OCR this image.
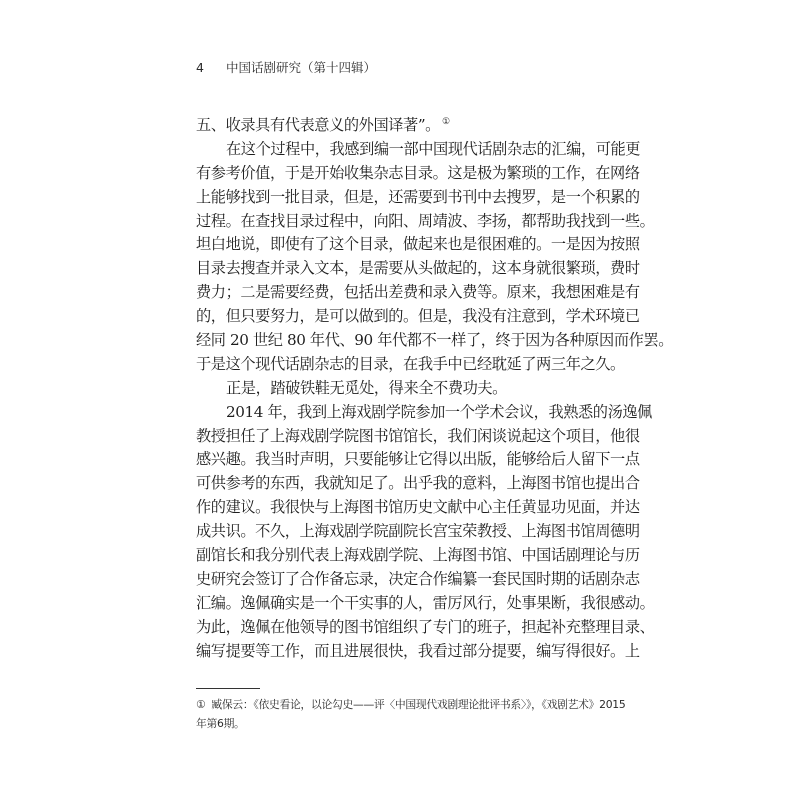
4 中国话剧研究（第十四辑）
五、收录具有代表意义的外国译著”。 ①
在这个过程中，我感到编一部中国现代话剧杂志的汇编，可能更
有参考价值，于是开始收集杂志目录。这是极为繁琐的工作，在网络
上能够找到一批目录，但是，还需要到书刊中去搜罗，是一个积累的
过程。在查找目录过程中，向阳、周靖波、李扬，都帮助我找到一些。
坦白地说，即使有了这个目录，做起来也是很困难的。一是因为按照
目录去搜查并录入文本，是需要从头做起的，这本身就很繁琐，费时
费力；二是需要经费，包括出差费和录入费等。原来，我想困难是有
的，但只要努力，是可以做到的。但是，我没有注意到，学术环境已
经同 20 世纪 80 年代、90 年代都不一样了，终于因为各种原因而作罢。
于是这个现代话剧杂志的目录，在我手中已经耽延了两三年之久。
正是，踏破铁鞋无觅处，得来全不费功夫。
2014 年，我到上海戏剧学院参加一个学术会议，我熟悉的汤逸佩
教授担任了上海戏剧学院图书馆馆长，我们闲谈说起这个项目，他很
感兴趣。我当时声明，只要能够让它得以出版，能够给后人留下一点
可供参考的东西，我就知足了。出乎我的意料，上海图书馆也提出合
作的建议。我很快与上海图书馆历史文献中心主任黄显功见面，并达
成共识。不久，上海戏剧学院副院长宫宝荣教授、上海图书馆周德明
副馆长和我分别代表上海戏剧学院、上海图书馆、中国话剧理论与历
史研究会签订了合作备忘录，决定合作编纂一套民国时期的话剧杂志
汇编。逸佩确实是一个干实事的人，雷厉风行，处事果断，我很感动。
为此，逸佩在他领导的图书馆组织了专门的班子，担起补充整理目录、
编写提要等工作，而且进展很快，我看过部分提要，编写得很好。上
① 臧保云：《依史看论，以论勾史——评〈中国现代戏剧理论批评书系〉》，《戏剧艺术》2015
年第6期。
